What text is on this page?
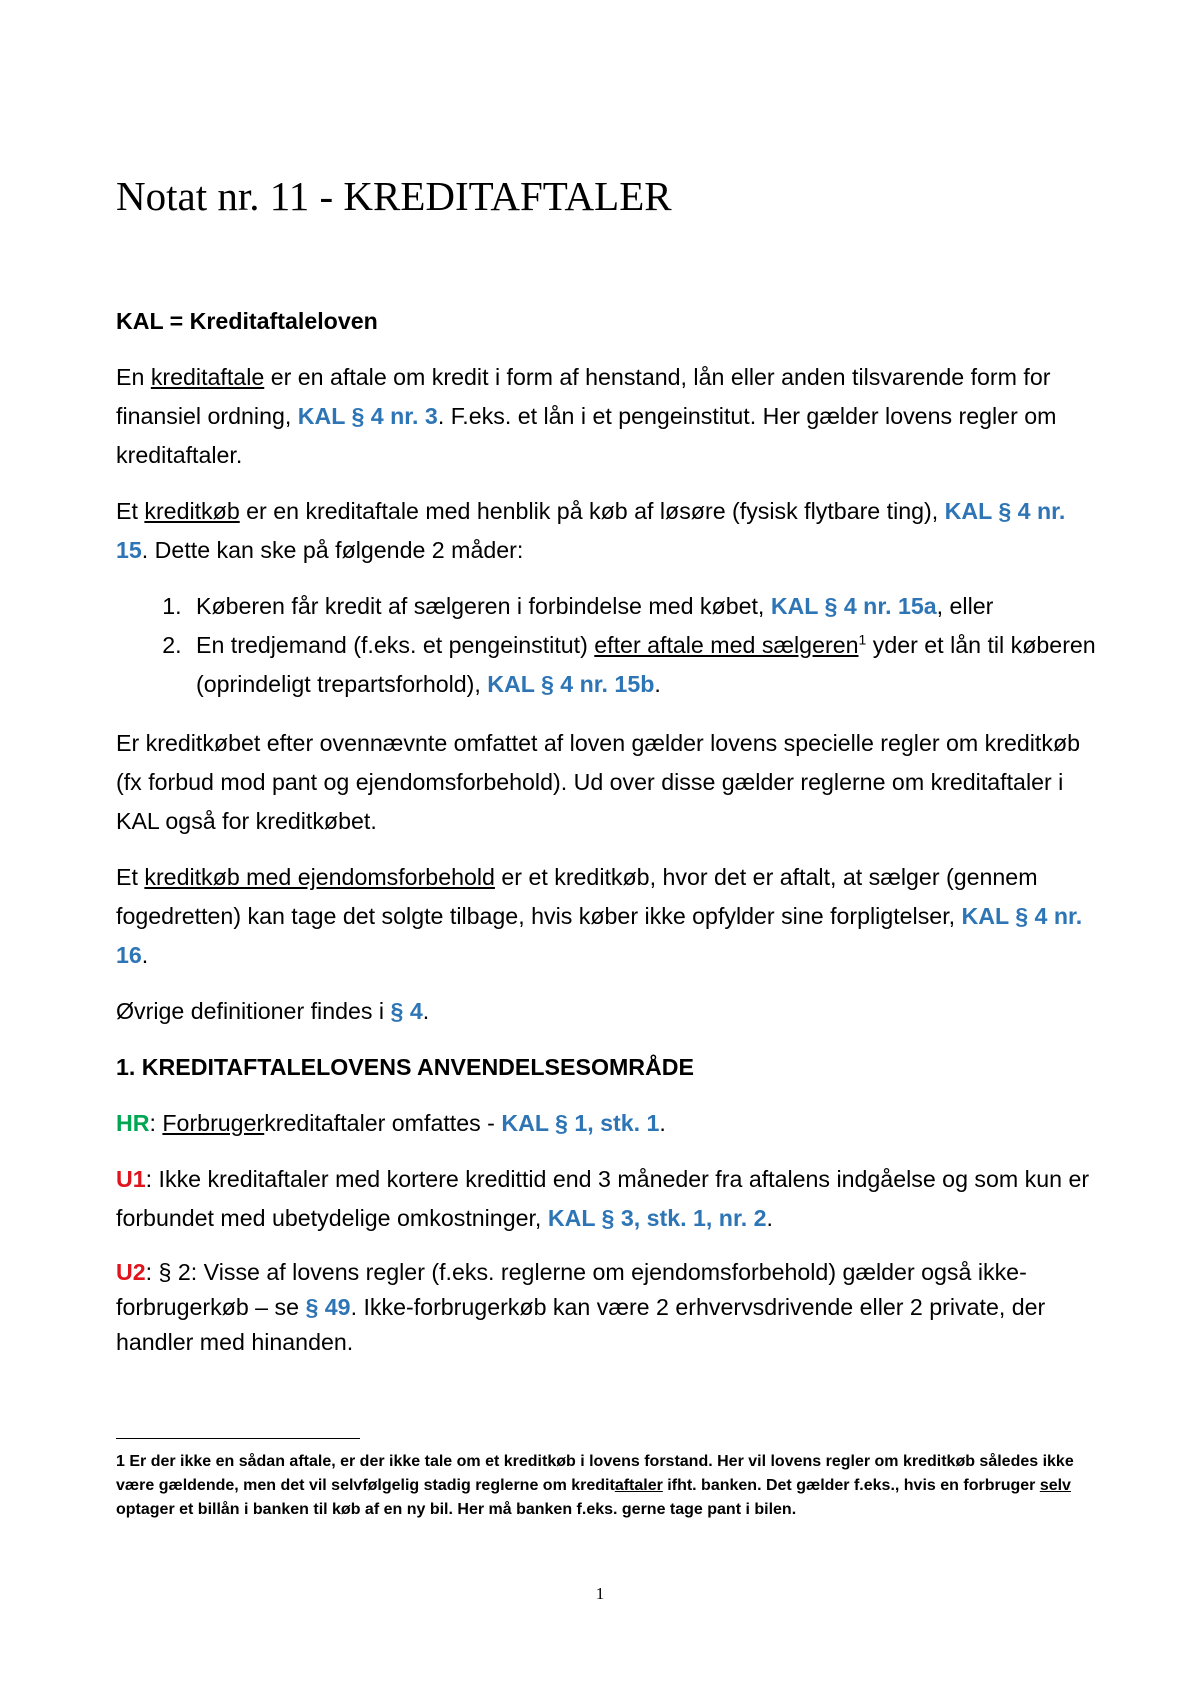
Notat nr. 11 - KREDITAFTALER

KAL = Kreditaftaleloven

En kreditaftale er en aftale om kredit i form af henstand, lån eller anden tilsvarende form for finansiel ordning, KAL § 4 nr. 3. F.eks. et lån i et pengeinstitut. Her gælder lovens regler om kreditaftaler.

Et kreditkøb er en kreditaftale med henblik på køb af løsøre (fysisk flytbare ting), KAL § 4 nr. 15. Dette kan ske på følgende 2 måder:

1. Køberen får kredit af sælgeren i forbindelse med købet, KAL § 4 nr. 15a, eller
2. En tredjemand (f.eks. et pengeinstitut) efter aftale med sælgeren$^1$ yder et lån til køberen (oprindeligt trepartsforhold), KAL § 4 nr. 15b.

Er kreditkøbet efter ovennævnte omfattet af loven gælder lovens specielle regler om kreditkøb (fx forbud mod pant og ejendomsforbehold). Ud over disse gælder reglerne om kreditaftaler i KAL også for kreditkøbet.

Et kreditkøb med ejendomsforbehold er et kreditkøb, hvor det er aftalt, at sælger (gennem fogedretten) kan tage det solgte tilbage, hvis køber ikke opfylder sine forpligtelser, KAL § 4 nr. 16.

Øvrige definitioner findes i § 4.

1. KREDITAFTALELOVENS ANVENDELSESOMRÅDE

HR: Forbrugerkreditaftaler omfattes - KAL § 1, stk. 1.

U1: Ikke kreditaftaler med kortere kredittid end 3 måneder fra aftalens indgåelse og som kun er forbundet med ubetydelige omkostninger, KAL § 3, stk. 1, nr. 2.

U2: § 2: Visse af lovens regler (f.eks. reglerne om ejendomsforbehold) gælder også ikke-forbrugerkøb – se § 49. Ikke-forbrugerkøb kan være 2 erhvervsdrivende eller 2 private, der handler med hinanden.

1 Er der ikke en sådan aftale, er der ikke tale om et kreditkøb i lovens forstand. Her vil lovens regler om kreditkøb således ikke være gældende, men det vil selvfølgelig stadig reglerne om kreditaftaler ifht. banken. Det gælder f.eks., hvis en forbruger selv optager et billån i banken til køb af en ny bil. Her må banken f.eks. gerne tage pant i bilen.
1
